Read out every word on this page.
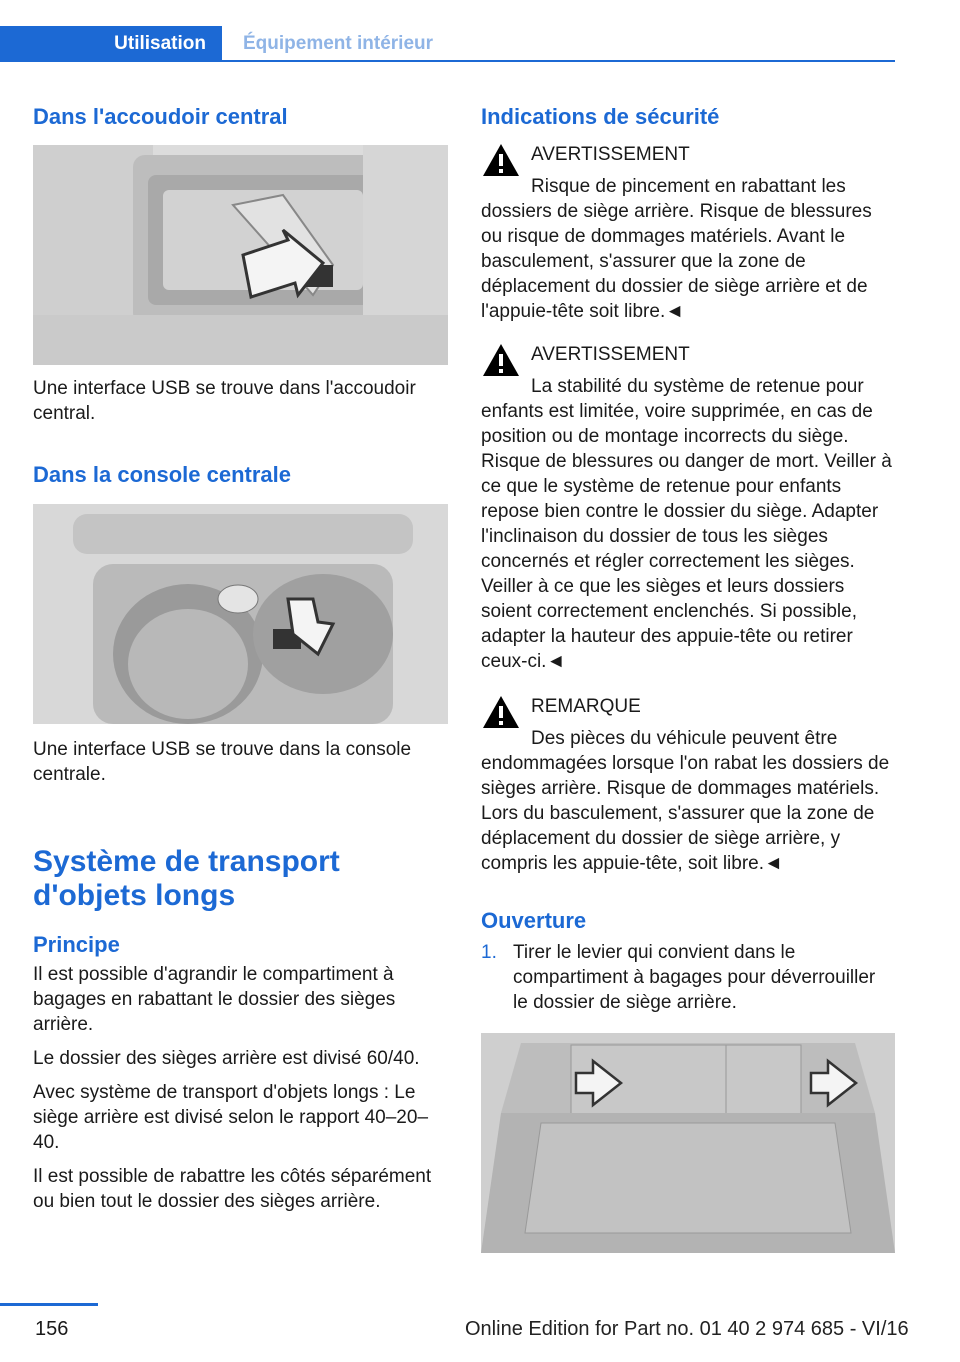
Utilisation	Équipement intérieur
Dans l'accoudoir central

Une interface USB se trouve dans l'accoudoir central.

Dans la console centrale

Une interface USB se trouve dans la console centrale.

Système de transport d'objets longs
Principe

Il est possible d'agrandir le compartiment à bagages en rabattant le dossier des sièges arrière.

Le dossier des sièges arrière est divisé 60/40.

Avec système de transport d'objets longs : Le siège arrière est divisé selon le rapport 40–20–40.

Il est possible de rabattre les côtés séparément ou bien tout le dossier des sièges arrière.

Indications de sécurité
AVERTISSEMENT

Risque de pincement en rabattant les dossiers de siège arrière. Risque de blessures ou risque de dommages matériels. Avant le basculement, s'assurer que la zone de déplacement du dossier de siège arrière et de l'appuie-tête soit libre.◄

AVERTISSEMENT

La stabilité du système de retenue pour enfants est limitée, voire supprimée, en cas de position ou de montage incorrects du siège. Risque de blessures ou danger de mort. Veiller à ce que le système de retenue pour enfants repose bien contre le dossier du siège. Adapter l'inclinaison du dossier de tous les sièges concernés et régler correctement les sièges. Veiller à ce que les sièges et leurs dossiers soient correctement enclenchés. Si possible, adapter la hauteur des appuie-tête ou retirer ceux-ci.◄

REMARQUE

Des pièces du véhicule peuvent être endommagées lorsque l'on rabat les dossiers de sièges arrière. Risque de dommages matériels. Lors du basculement, s'assurer que la zone de déplacement du dossier de siège arrière, y compris les appuie-tête, soit libre.◄

Ouverture
1. Tirer le levier qui convient dans le compartiment à bagages pour déverrouiller le dossier de siège arrière.

156	Online Edition for Part no. 01 40 2 974 685 - VI/16
